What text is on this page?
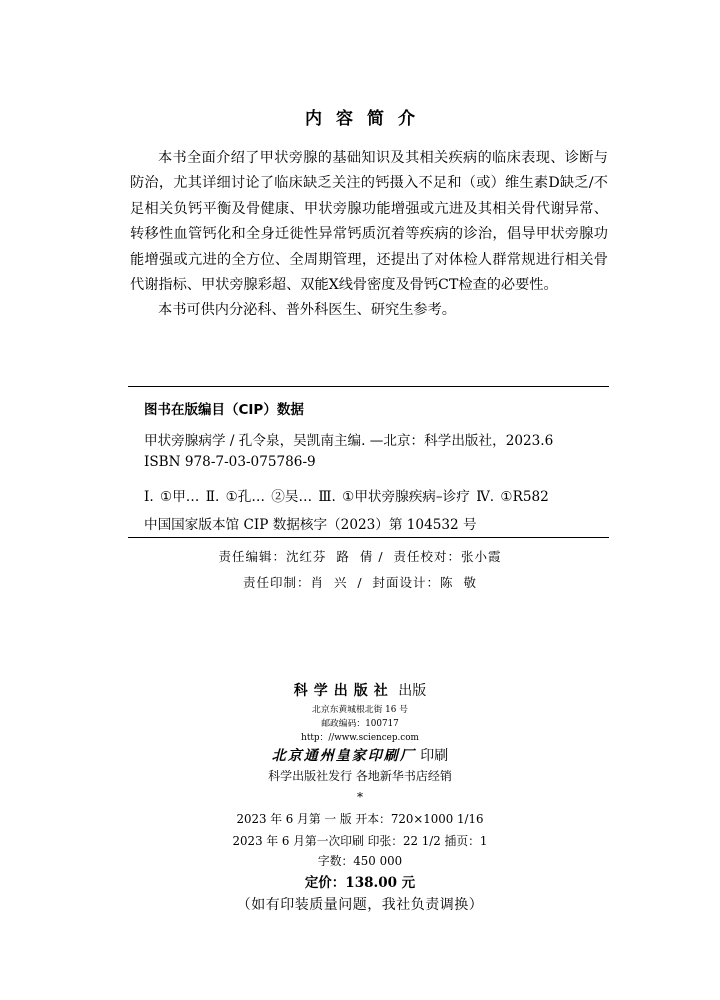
内容简介

本书全面介绍了甲状旁腺的基础知识及其相关疾病的临床表现、诊断与防治，尤其详细讨论了临床缺乏关注的钙摄入不足和（或）维生素D缺乏/不足相关负钙平衡及骨健康、甲状旁腺功能增强或亢进及其相关骨代谢异常、转移性血管钙化和全身迁徙性异常钙质沉着等疾病的诊治，倡导甲状旁腺功能增强或亢进的全方位、全周期管理，还提出了对体检人群常规进行相关骨代谢指标、甲状旁腺彩超、双能X线骨密度及骨钙CT检查的必要性。

本书可供内分泌科、普外科医生、研究生参考。

图书在版编目（CIP）数据
甲状旁腺病学 / 孔令泉，吴凯南主编. —北京：科学出版社，2023.6
ISBN 978-7-03-075786-9
Ⅰ. ①甲… Ⅱ. ①孔… ②吴… Ⅲ. ①甲状旁腺疾病–诊疗 Ⅳ. ①R582
中国国家版本馆 CIP 数据核字（2023）第 104532 号
责任编辑：沈红芬  路  倩 /  责任校对：张小霞
责任印制：肖  兴  /  封面设计：陈  敬
科学出版社 出版
北京东黄城根北街 16 号
邮政编码：100717
http：//www.sciencep.com
北京通州皇家印刷厂 印刷
科学出版社发行 各地新华书店经销
*
2023 年 6 月第 一 版 开本：720×1000 1/16
2023 年 6 月第一次印刷 印张：22 1/2 插页：1
字数：450 000
定价：138.00 元
（如有印装质量问题，我社负责调换）
